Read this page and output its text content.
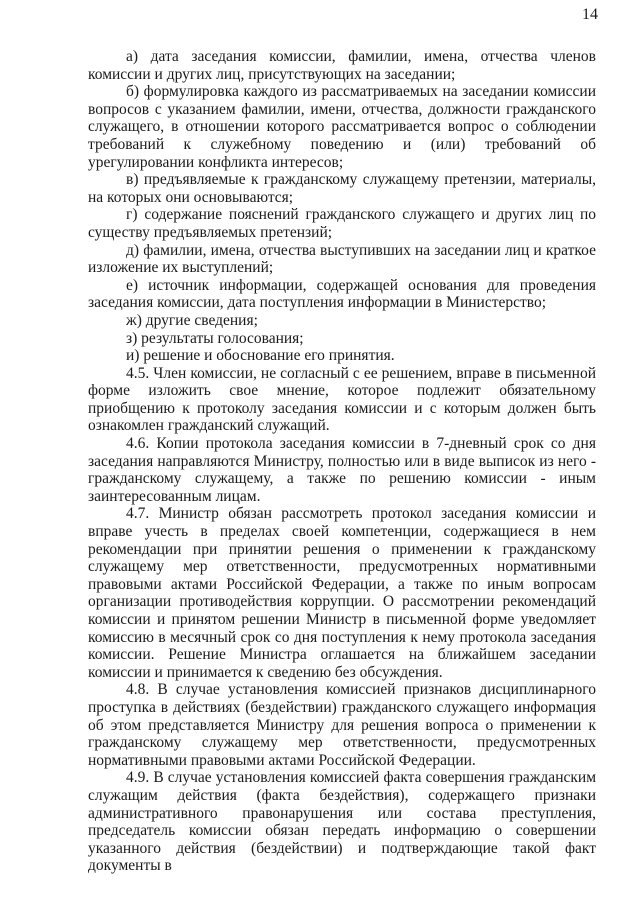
14

а) дата заседания комиссии, фамилии, имена, отчества членов комиссии и других лиц, присутствующих на заседании;

б) формулировка каждого из рассматриваемых на заседании комиссии вопросов с указанием фамилии, имени, отчества, должности гражданского служащего, в отношении которого рассматривается вопрос о соблюдении требований к служебному поведению и (или) требований об урегулировании конфликта интересов;

в) предъявляемые к гражданскому служащему претензии, материалы, на которых они основываются;

г) содержание пояснений гражданского служащего и других лиц по существу предъявляемых претензий;

д) фамилии, имена, отчества выступивших на заседании лиц и краткое изложение их выступлений;

е) источник информации, содержащей основания для проведения заседания комиссии, дата поступления информации в Министерство;

ж) другие сведения;

з) результаты голосования;

и) решение и обоснование его принятия.

4.5. Член комиссии, не согласный с ее решением, вправе в письменной форме изложить свое мнение, которое подлежит обязательному приобщению к протоколу заседания комиссии и с которым должен быть ознакомлен гражданский служащий.

4.6. Копии протокола заседания комиссии в 7-дневный срок со дня заседания направляются Министру, полностью или в виде выписок из него - гражданскому служащему, а также по решению комиссии - иным заинтересованным лицам.

4.7. Министр обязан рассмотреть протокол заседания комиссии и вправе учесть в пределах своей компетенции, содержащиеся в нем рекомендации при принятии решения о применении к гражданскому служащему мер ответственности, предусмотренных нормативными правовыми актами Российской Федерации, а также по иным вопросам организации противодействия коррупции. О рассмотрении рекомендаций комиссии и принятом решении Министр в письменной форме уведомляет комиссию в месячный срок со дня поступления к нему протокола заседания комиссии. Решение Министра оглашается на ближайшем заседании комиссии и принимается к сведению без обсуждения.

4.8. В случае установления комиссией признаков дисциплинарного проступка в действиях (бездействии) гражданского служащего информация об этом представляется Министру для решения вопроса о применении к гражданскому служащему мер ответственности, предусмотренных нормативными правовыми актами Российской Федерации.

4.9. В случае установления комиссией факта совершения гражданским служащим действия (факта бездействия), содержащего признаки административного правонарушения или состава преступления, председатель комиссии обязан передать информацию о совершении указанного действия (бездействии) и подтверждающие такой факт документы в
